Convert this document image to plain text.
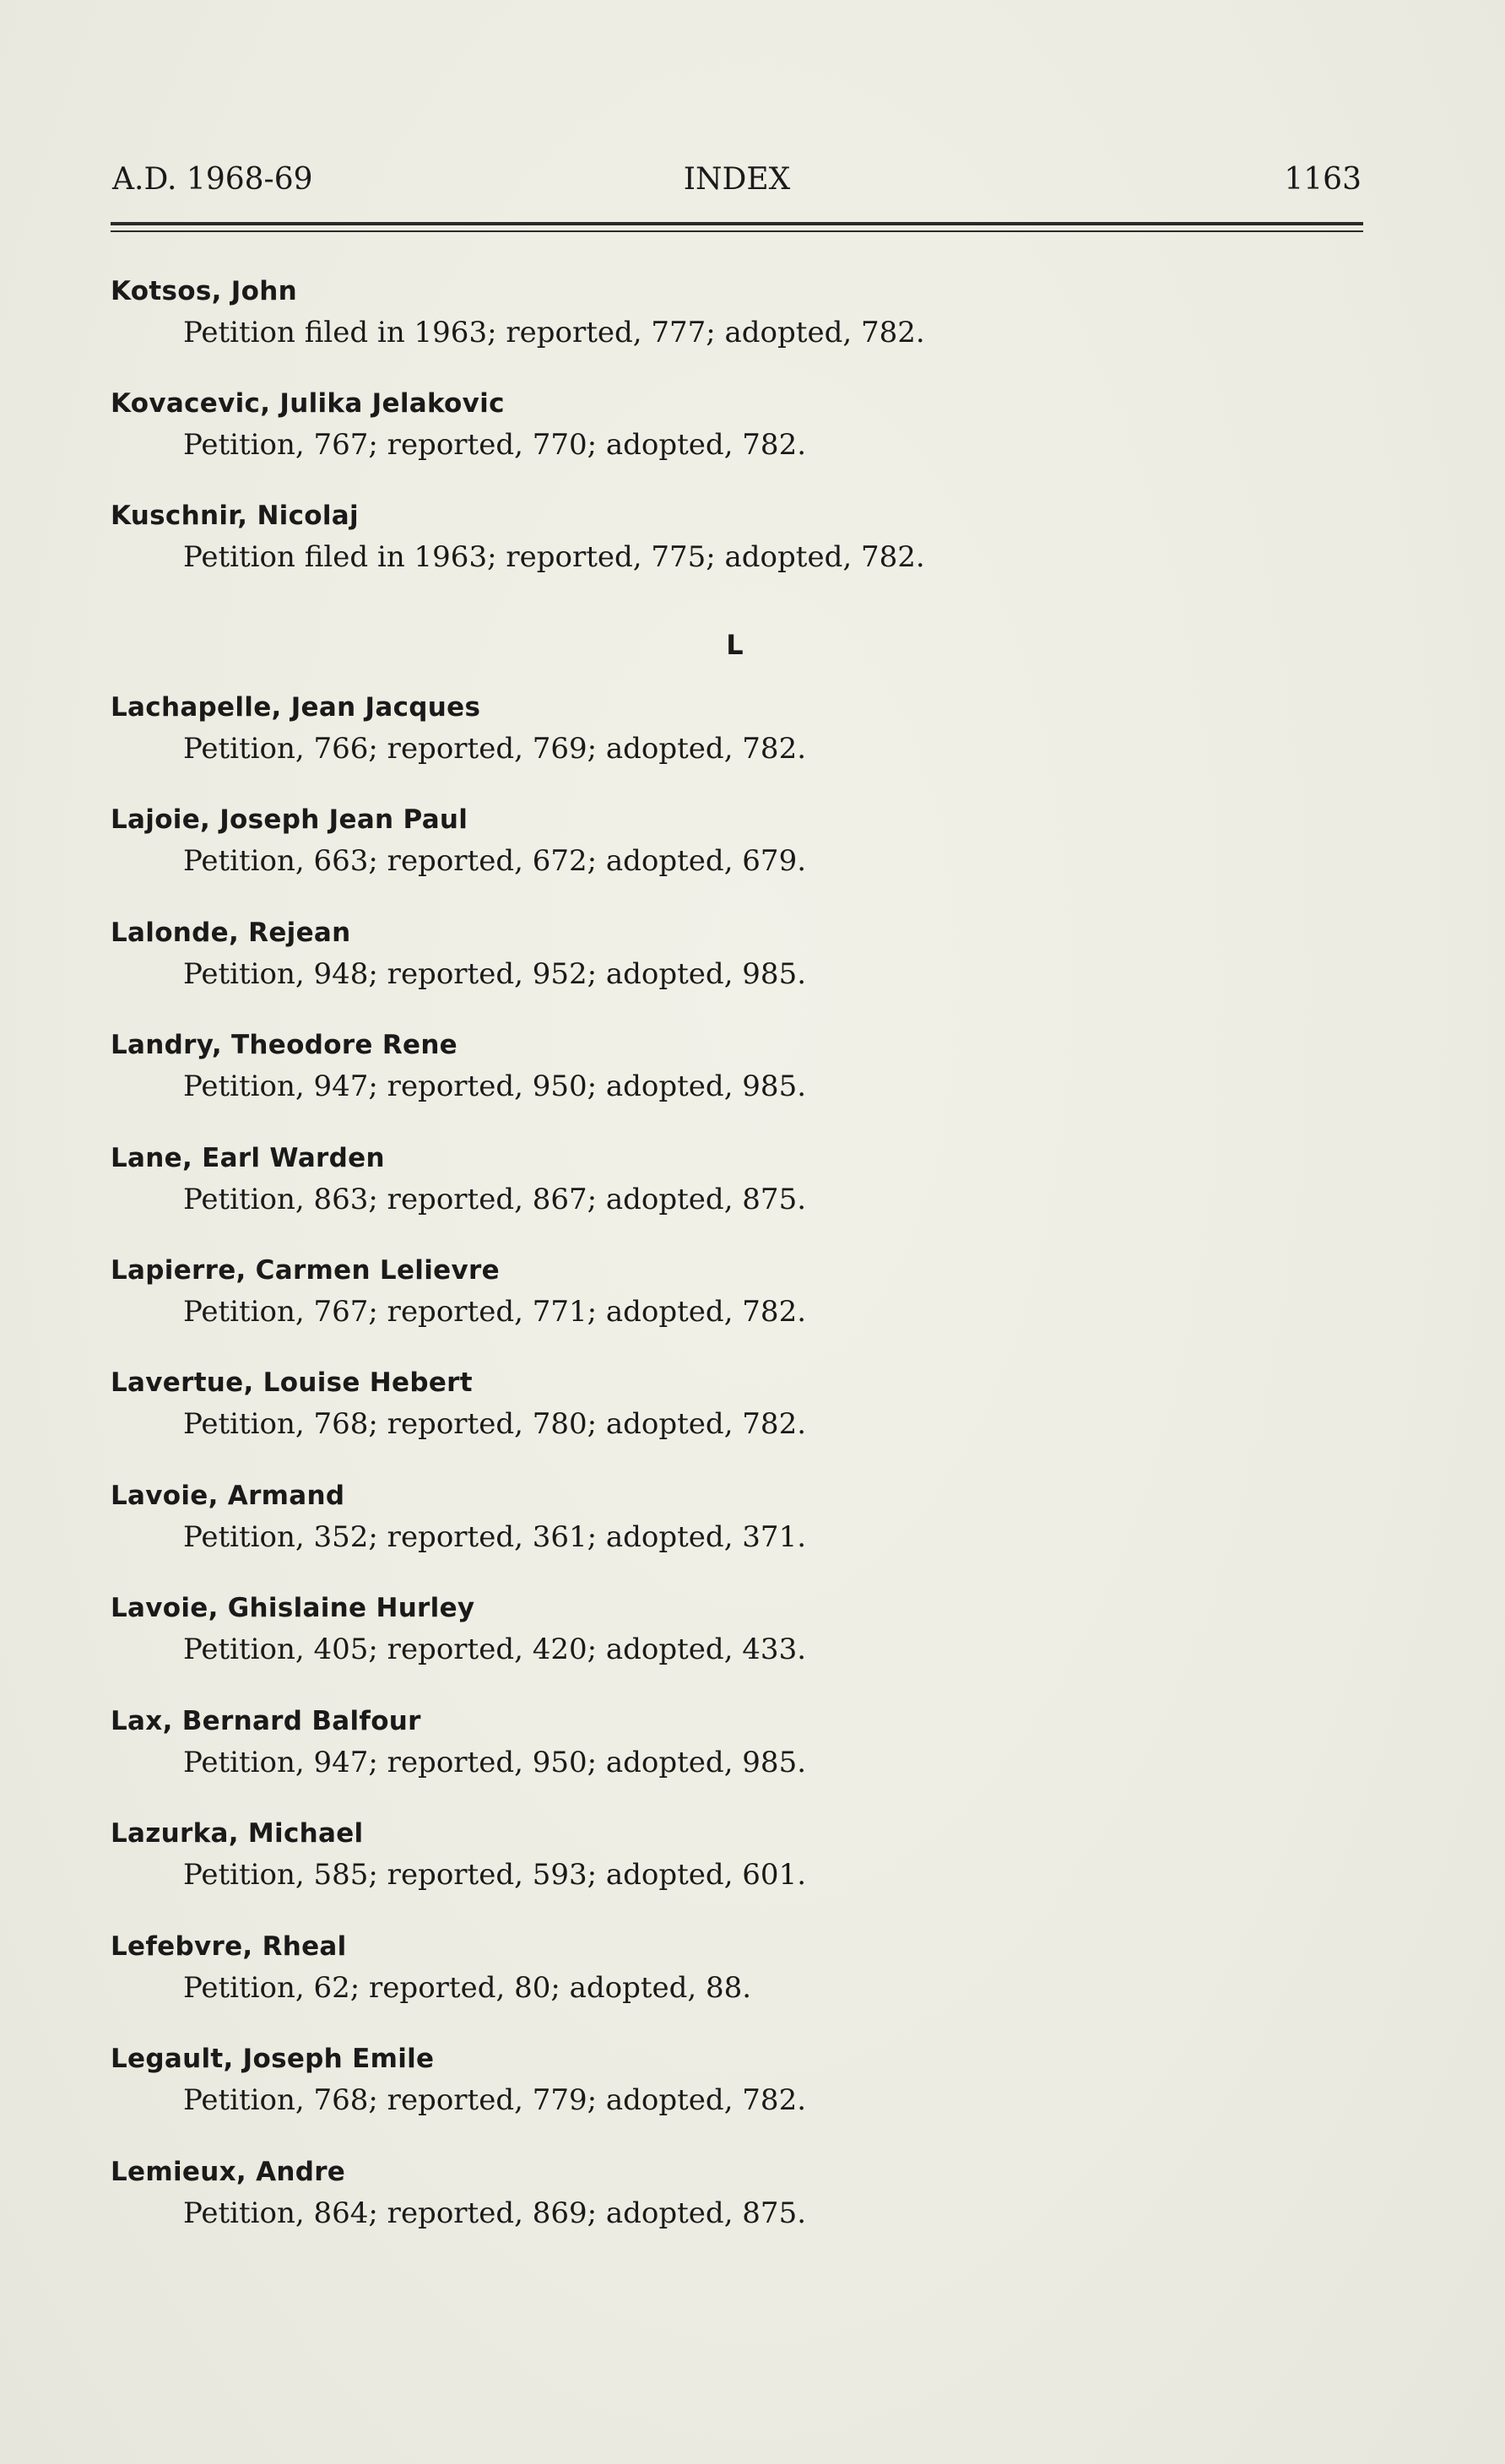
A.D. 1968-69	INDEX	1163
Kotsos, John
Petition filed in 1963; reported, 777; adopted, 782.
Kovacevic, Julika Jelakovic
Petition, 767; reported, 770; adopted, 782.
Kuschnir, Nicolaj
Petition filed in 1963; reported, 775; adopted, 782.
L
Lachapelle, Jean Jacques
Petition, 766; reported, 769; adopted, 782.
Lajoie, Joseph Jean Paul
Petition, 663; reported, 672; adopted, 679.
Lalonde, Rejean
Petition, 948; reported, 952; adopted, 985.
Landry, Theodore Rene
Petition, 947; reported, 950; adopted, 985.
Lane, Earl Warden
Petition, 863; reported, 867; adopted, 875.
Lapierre, Carmen Lelievre
Petition, 767; reported, 771; adopted, 782.
Lavertue, Louise Hebert
Petition, 768; reported, 780; adopted, 782.
Lavoie, Armand
Petition, 352; reported, 361; adopted, 371.
Lavoie, Ghislaine Hurley
Petition, 405; reported, 420; adopted, 433.
Lax, Bernard Balfour
Petition, 947; reported, 950; adopted, 985.
Lazurka, Michael
Petition, 585; reported, 593; adopted, 601.
Lefebvre, Rheal
Petition, 62; reported, 80; adopted, 88.
Legault, Joseph Emile
Petition, 768; reported, 779; adopted, 782.
Lemieux, Andre
Petition, 864; reported, 869; adopted, 875.
